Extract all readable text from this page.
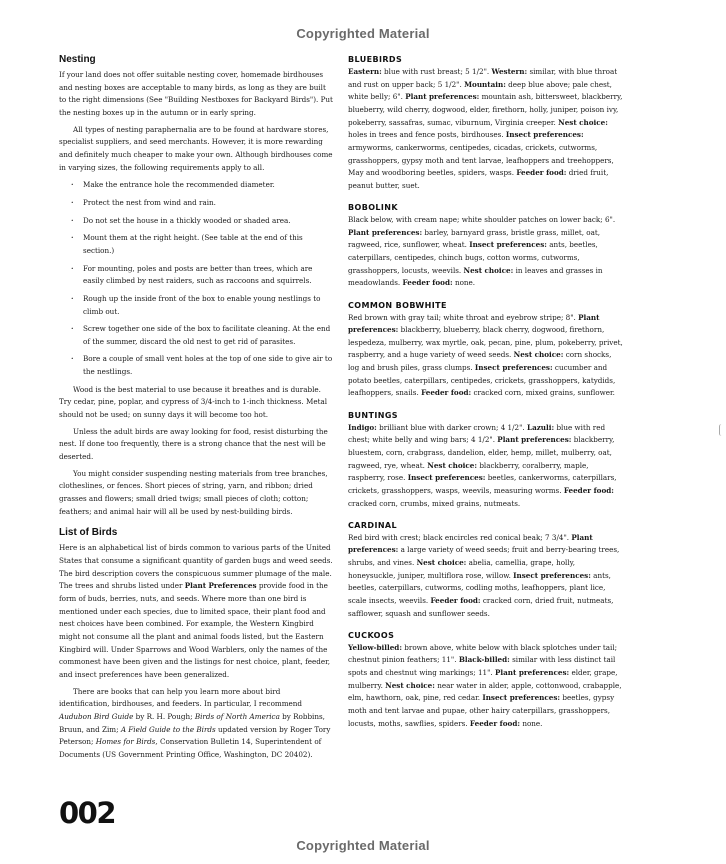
Copyrighted Material
Nesting

If your land does not offer suitable nesting cover, homemade birdhouses and nesting boxes are acceptable to many birds, as long as they are built to the right dimensions (See "Building Nestboxes for Backyard Birds"). Put the nesting boxes up in the autumn or in early spring.

All types of nesting paraphernalia are to be found at hardware stores, specialist suppliers, and seed merchants. However, it is more rewarding and definitely much cheaper to make your own. Although birdhouses come in varying sizes, the following requirements apply to all.

· Make the entrance hole the recommended diameter.
· Protect the nest from wind and rain.
· Do not set the house in a thickly wooded or shaded area.
· Mount them at the right height. (See table at the end of this section.)
· For mounting, poles and posts are better than trees, which are easily climbed by nest raiders, such as raccoons and squirrels.
· Rough up the inside front of the box to enable young nestlings to climb out.
· Screw together one side of the box to facilitate cleaning. At the end of the summer, discard the old nest to get rid of parasites.
· Bore a couple of small vent holes at the top of one side to give air to the nestlings.

Wood is the best material to use because it breathes and is durable. Try cedar, pine, poplar, and cypress of 3/4-inch to 1-inch thickness. Metal should not be used; on sunny days it will become too hot.

Unless the adult birds are away looking for food, resist disturbing the nest. If done too frequently, there is a strong chance that the nest will be deserted.

You might consider suspending nesting materials from tree branches, clotheslines, or fences. Short pieces of string, yarn, and ribbon; dried grasses and flowers; small dried twigs; small pieces of cloth; cotton; feathers; and animal hair will all be used by nest-building birds.

List of Birds

Here is an alphabetical list of birds common to various parts of the United States that consume a significant quantity of garden bugs and weed seeds. The bird description covers the conspicuous summer plumage of the male. The trees and shrubs listed under Plant Preferences provide food in the form of buds, berries, nuts, and seeds. Where more than one bird is mentioned under each species, due to limited space, their plant food and nest choices have been combined. For example, the Western Kingbird might not consume all the plant and animal foods listed, but the Eastern Kingbird will. Under Sparrows and Wood Warblers, only the names of the commonest have been given and the listings for nest choice, plant, feeder, and insect preferences have been generalized.

There are books that can help you learn more about bird identification, birdhouses, and feeders. In particular, I recommend Audubon Bird Guide by R. H. Pough; Birds of North America by Robbins, Bruun, and Zim; A Field Guide to the Birds updated version by Roger Tory Peterson; Homes for Birds, Conservation Bulletin 14, Superintendent of Documents (US Government Printing Office, Washington, DC 20402).

BLUEBIRDS

Eastern: blue with rust breast; 5 1/2". Western: similar, with blue throat and rust on upper back; 5 1/2". Mountain: deep blue above; pale chest, white belly; 6". Plant preferences: mountain ash, bittersweet, blackberry, blueberry, wild cherry, dogwood, elder, firethorn, holly, juniper, poison ivy, pokeberry, sassafras, sumac, viburnum, Virginia creeper. Nest choice: holes in trees and fence posts, birdhouses. Insect preferences: armyworms, cankerworms, centipedes, cicadas, crickets, cutworms, grasshoppers, gypsy moth and tent larvae, leafhoppers and treehoppers, May and woodboring beetles, spiders, wasps. Feeder food: dried fruit, peanut butter, suet.

BOBOLINK

Black below, with cream nape; white shoulder patches on lower back; 6". Plant preferences: barley, barnyard grass, bristle grass, millet, oat, ragweed, rice, sunflower, wheat. Insect preferences: ants, beetles, caterpillars, centipedes, chinch bugs, cotton worms, cutworms, grasshoppers, locusts, weevils. Nest choice: in leaves and grasses in meadowlands. Feeder food: none.

COMMON BOBWHITE

Red brown with gray tail; white throat and eyebrow stripe; 8". Plant preferences: blackberry, blueberry, black cherry, dogwood, firethorn, lespedeza, mulberry, wax myrtle, oak, pecan, pine, plum, pokeberry, privet, raspberry, and a huge variety of weed seeds. Nest choice: corn shocks, log and brush piles, grass clumps. Insect preferences: cucumber and potato beetles, caterpillars, centipedes, crickets, grasshoppers, katydids, leafhoppers, snails. Feeder food: cracked corn, mixed grains, sunflower.

BUNTINGS

Indigo: brilliant blue with darker crown; 4 1/2". Lazuli: blue with red chest; white belly and wing bars; 4 1/2". Plant preferences: blackberry, bluestem, corn, crabgrass, dandelion, elder, hemp, millet, mulberry, oat, ragweed, rye, wheat. Nest choice: blackberry, coralberry, maple, raspberry, rose. Insect preferences: beetles, cankerworms, caterpillars, crickets, grasshoppers, wasps, weevils, measuring worms. Feeder food: cracked corn, crumbs, mixed grains, nutmeats.

CARDINAL

Red bird with crest; black encircles red conical beak; 7 3/4". Plant preferences: a large variety of weed seeds; fruit and berry-bearing trees, shrubs, and vines. Nest choice: abelia, camellia, grape, holly, honeysuckle, juniper, multiflora rose, willow. Insect preferences: ants, beetles, caterpillars, cutworms, codling moths, leafhoppers, plant lice, scale insects, weevils. Feeder food: cracked corn, dried fruit, nutmeats, safflower, squash and sunflower seeds.

CUCKOOS

Yellow-billed: brown above, white below with black splotches under tail; chestnut pinion feathers; 11". Black-billed: similar with less distinct tail spots and chestnut wing markings; 11". Plant preferences: elder, grape, mulberry. Nest choice: near water in alder, apple, cottonwood, crabapple, elm, hawthorn, oak, pine, red cedar. Insect preferences: beetles, gypsy moth and tent larvae and pupae, other hairy caterpillars, grasshoppers, locusts, moths, sawflies, spiders. Feeder food: none.

002
Copyrighted Material
